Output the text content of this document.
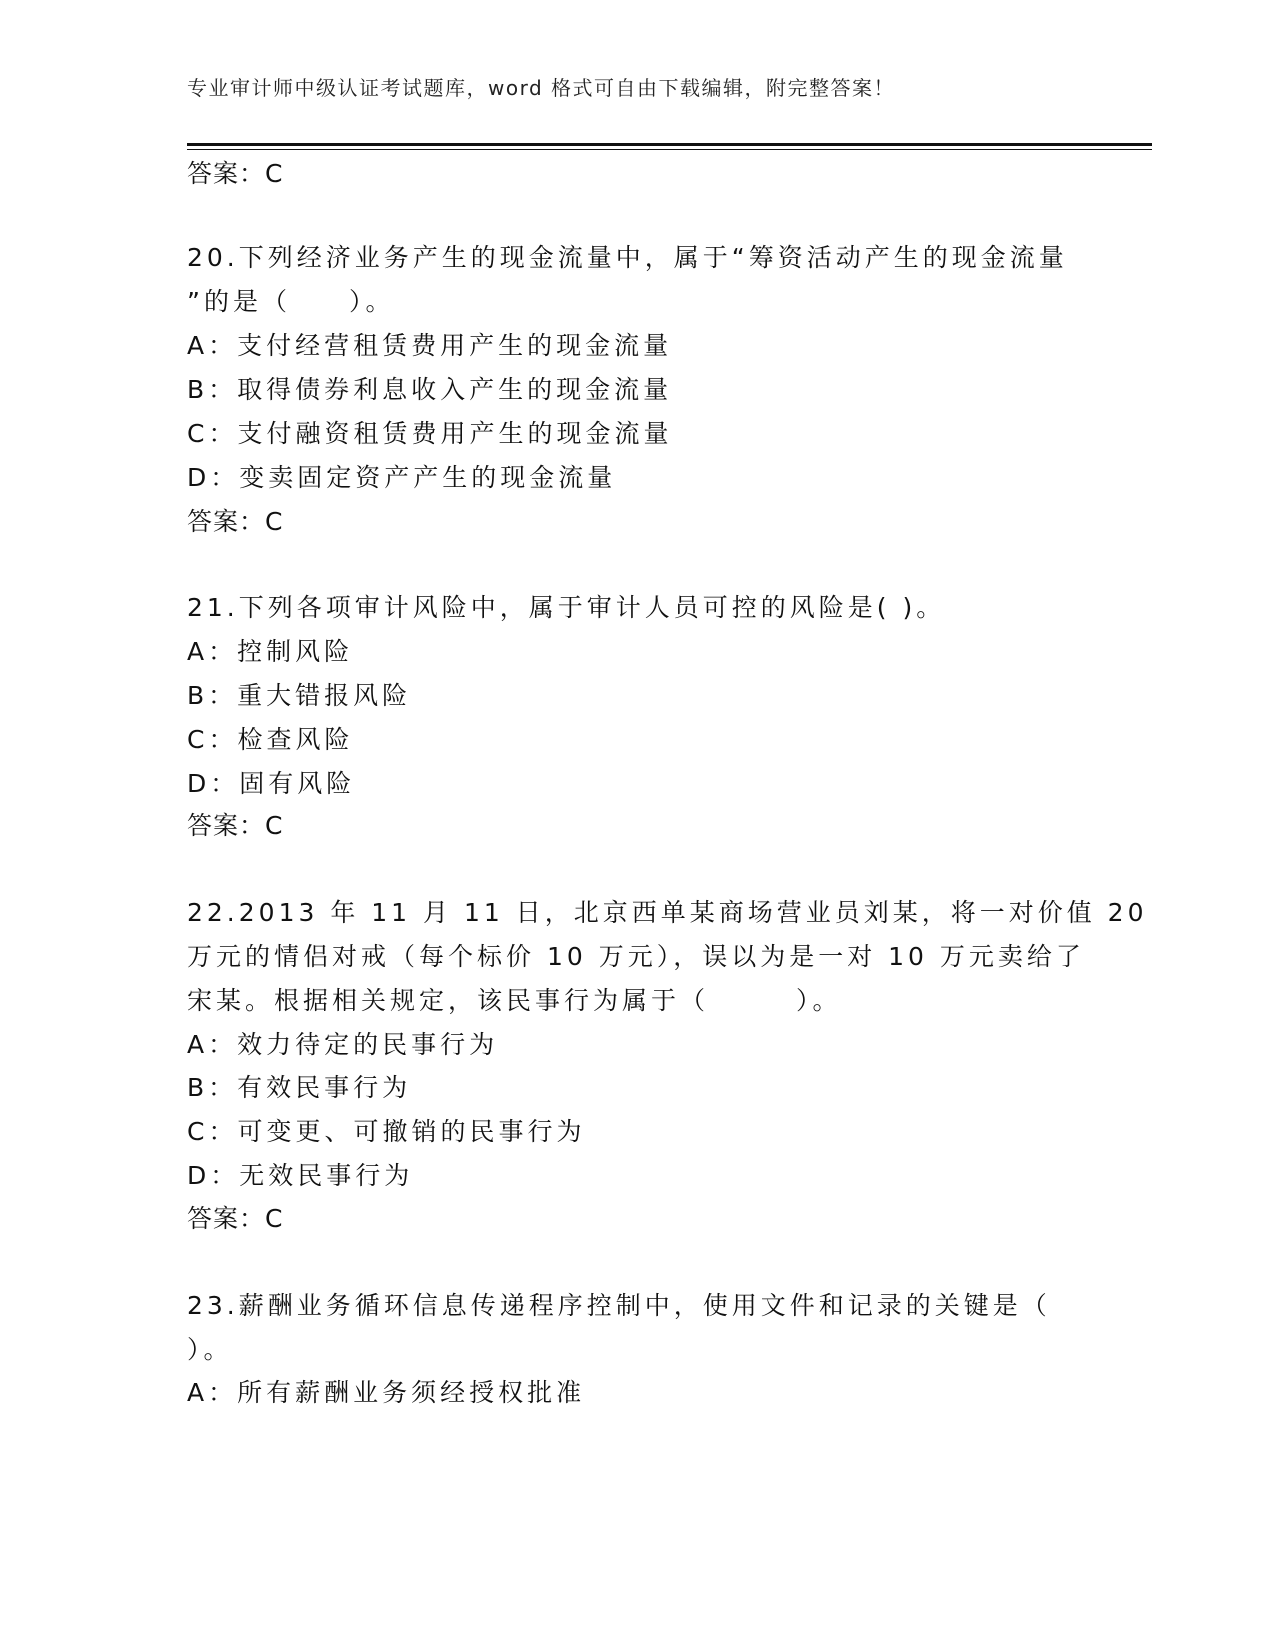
专业审计师中级认证考试题库，word 格式可自由下载编辑，附完整答案！
答案：C
20.下列经济业务产生的现金流量中，属于“筹资活动产生的现金流量
”的是（　　）。
A：支付经营租赁费用产生的现金流量
B：取得债券利息收入产生的现金流量
C：支付融资租赁费用产生的现金流量
D：变卖固定资产产生的现金流量
答案：C
21.下列各项审计风险中，属于审计人员可控的风险是( )。
A：控制风险
B：重大错报风险
C：检查风险
D：固有风险
答案：C
22.2013 年 11 月 11 日，北京西单某商场营业员刘某，将一对价值 20
万元的情侣对戒（每个标价 10 万元），误以为是一对 10 万元卖给了
宋某。根据相关规定，该民事行为属于（　　　）。
A：效力待定的民事行为
B：有效民事行为
C：可变更、可撤销的民事行为
D：无效民事行为
答案：C
23.薪酬业务循环信息传递程序控制中，使用文件和记录的关键是（
）。
A：所有薪酬业务须经授权批准
